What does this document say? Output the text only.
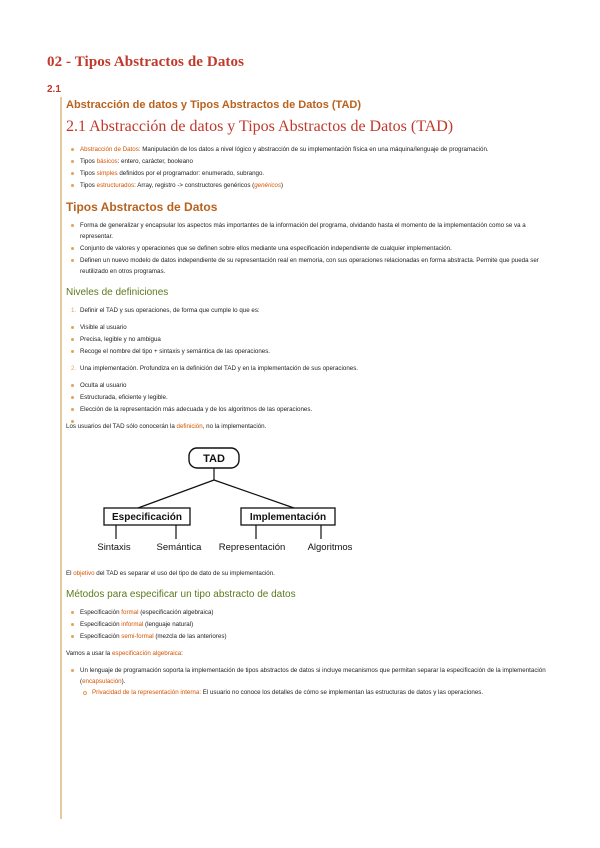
02 - Tipos Abstractos de Datos
2.1
Abstracción de datos y Tipos Abstractos de Datos (TAD)
2.1 Abstracción de datos y Tipos Abstractos de Datos (TAD)
Abstracción de Datos: Manipulación de los datos a nivel lógico y abstracción de su implementación física en una máquina/lenguaje de programación.
Tipos básicos: entero, carácter, booleano
Tipos simples definidos por el programador: enumerado, subrango.
Tipos estructurados: Array, registro -> constructores genéricos (genéricos)
Tipos Abstractos de Datos
Forma de generalizar y encapsular los aspectos más importantes de la información del programa, olvidando hasta el momento de la implementación como se va a representar.
Conjunto de valores y operaciones que se definen sobre ellos mediante una especificación independiente de cualquier implementación.
Definen un nuevo modelo de datos independiente de su representación real en memoria, con sus operaciones relacionadas en forma abstracta. Permite que pueda ser reutilizado en otros programas.
Niveles de definiciones
1. Definir el TAD y sus operaciones, de forma que cumple lo que es:
Visible al usuario
Precisa, legible y no ambigua
Recoge el nombre del tipo + sintaxis y semántica de las operaciones.
2. Una implementación. Profundiza en la definición del TAD y en la implementación de sus operaciones.
Oculta al usuario
Estructurada, eficiente y legible.
Elección de la representación más adecuada y de los algoritmos de las operaciones.

Los usuarios del TAD sólo conocerán la definición, no la implementación.

TAD
Especificación	Implementación
Sintaxis	Semántica Representación Algoritmos

El objetivo del TAD es separar el uso del tipo de dato de su implementación.

Métodos para especificar un tipo abstracto de datos
Especificación formal (especificación algebraica)
Especificación informal (lenguaje natural)
Especificación semi-formal (mezcla de las anteriores)

Vamos a usar la especificación algebraica:

Un lenguaje de programación soporta la implementación de tipos abstractos de datos si incluye mecanismos que permitan separar la especificación de la implementación (encapsulación).
Privacidad de la representación interna: El usuario no conoce los detalles de cómo se implementan las estructuras de datos y las operaciones.
